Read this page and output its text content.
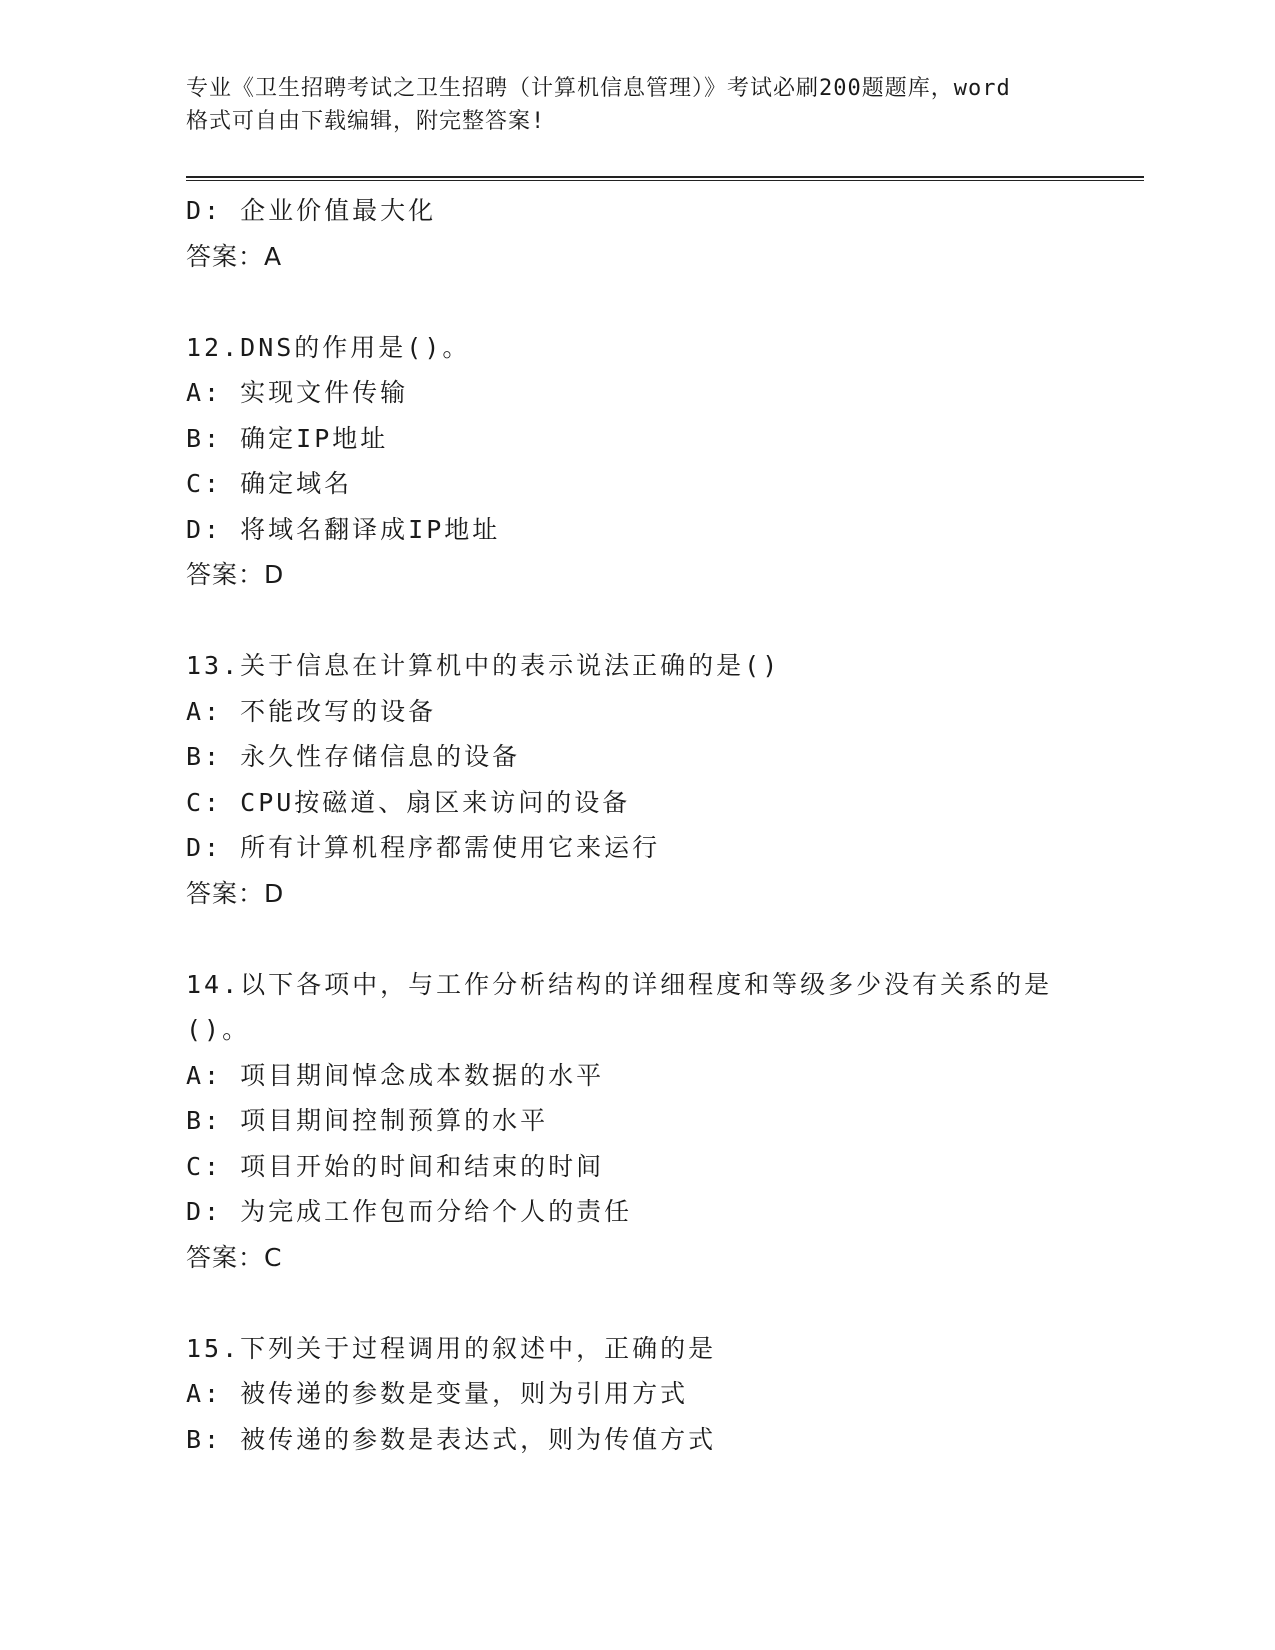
专业《卫生招聘考试之卫生招聘（计算机信息管理）》考试必刷200题题库，word
格式可自由下载编辑，附完整答案!
D: 企业价值最大化
答案：A
12.DNS的作用是()。
A: 实现文件传输
B: 确定IP地址
C: 确定域名
D: 将域名翻译成IP地址
答案：D
13.关于信息在计算机中的表示说法正确的是()
A: 不能改写的设备
B: 永久性存储信息的设备
C: CPU按磁道、扇区来访问的设备
D: 所有计算机程序都需使用它来运行
答案：D
14.以下各项中，与工作分析结构的详细程度和等级多少没有关系的是()。
A: 项目期间悼念成本数据的水平
B: 项目期间控制预算的水平
C: 项目开始的时间和结束的时间
D: 为完成工作包而分给个人的责任
答案：C
15.下列关于过程调用的叙述中，正确的是
A: 被传递的参数是变量，则为引用方式
B: 被传递的参数是表达式，则为传值方式
